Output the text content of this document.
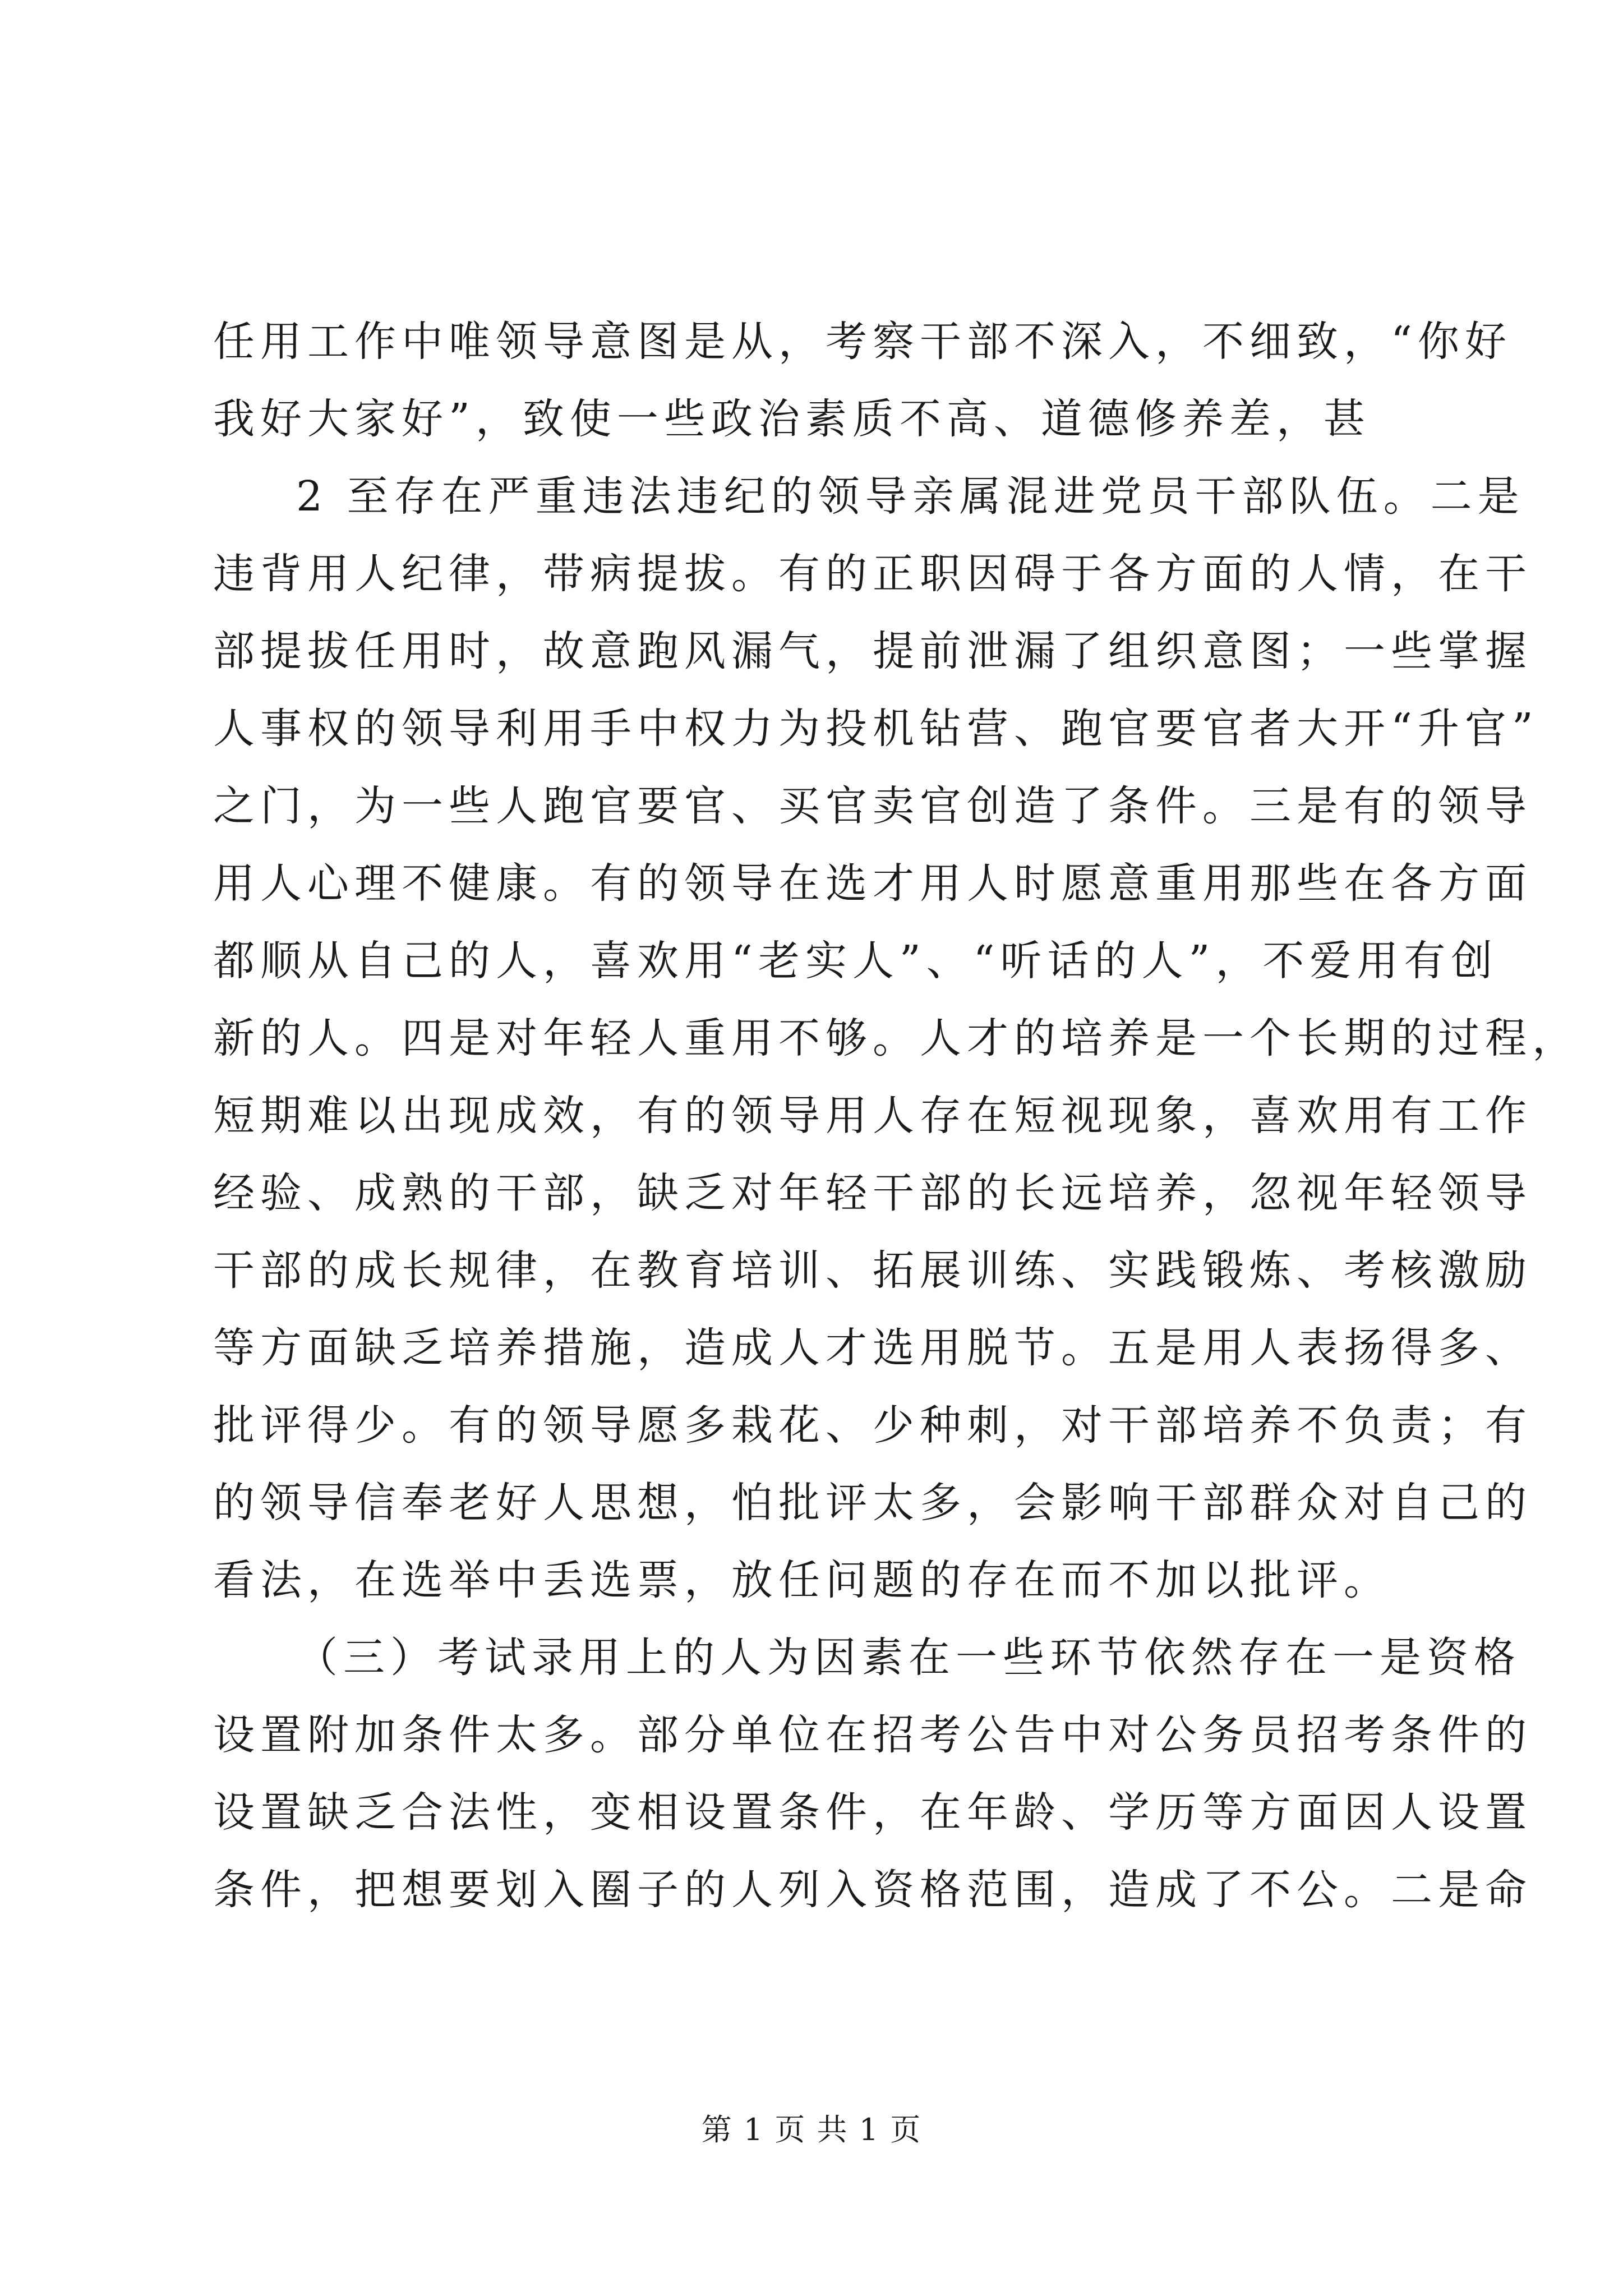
任用工作中唯领导意图是从，考察干部不深入，不细致，“你好
我好大家好”，致使一些政治素质不高、道德修养差，甚
2 至存在严重违法违纪的领导亲属混进党员干部队伍。二是
违背用人纪律，带病提拔。有的正职因碍于各方面的人情，在干
部提拔任用时，故意跑风漏气，提前泄漏了组织意图；一些掌握
人事权的领导利用手中权力为投机钻营、跑官要官者大开“升官”
之门，为一些人跑官要官、买官卖官创造了条件。三是有的领导
用人心理不健康。有的领导在选才用人时愿意重用那些在各方面
都顺从自己的人，喜欢用“老实人”、“听话的人”，不爱用有创
新的人。四是对年轻人重用不够。人才的培养是一个长期的过程，
短期难以出现成效，有的领导用人存在短视现象，喜欢用有工作
经验、成熟的干部，缺乏对年轻干部的长远培养，忽视年轻领导
干部的成长规律，在教育培训、拓展训练、实践锻炼、考核激励
等方面缺乏培养措施，造成人才选用脱节。五是用人表扬得多、
批评得少。有的领导愿多栽花、少种刺，对干部培养不负责；有
的领导信奉老好人思想，怕批评太多，会影响干部群众对自己的
看法，在选举中丢选票，放任问题的存在而不加以批评。
（三）考试录用上的人为因素在一些环节依然存在一是资格
设置附加条件太多。部分单位在招考公告中对公务员招考条件的
设置缺乏合法性，变相设置条件，在年龄、学历等方面因人设置
条件，把想要划入圈子的人列入资格范围，造成了不公。二是命
第 1 页 共 1 页
